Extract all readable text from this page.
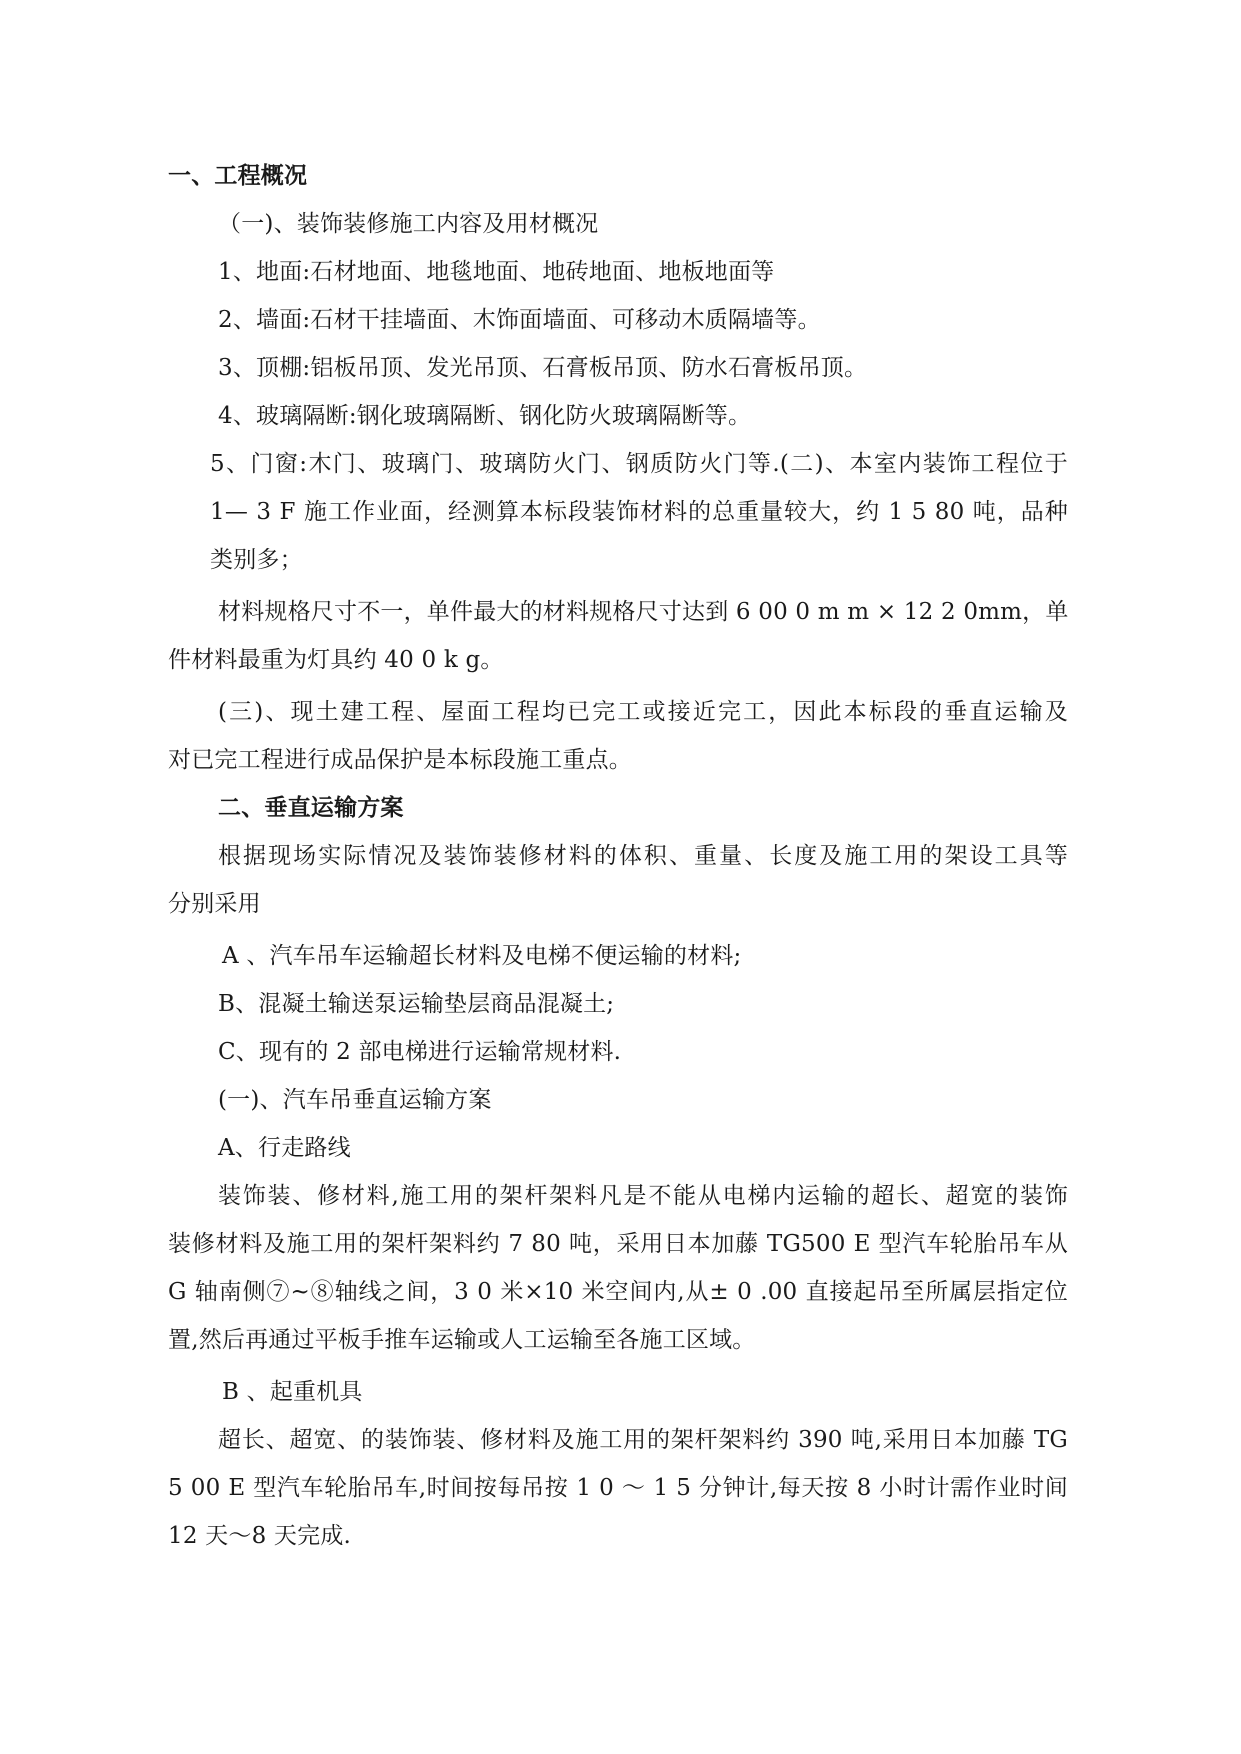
一、工程概况
（一)、装饰装修施工内容及用材概况
1、地面:石材地面、地毯地面、地砖地面、地板地面等
2、墙面:石材干挂墙面、木饰面墙面、可移动木质隔墙等。
3、顶棚:铝板吊顶、发光吊顶、石膏板吊顶、防水石膏板吊顶。
4、玻璃隔断:钢化玻璃隔断、钢化防火玻璃隔断等。
5、门窗:木门、玻璃门、玻璃防火门、钢质防火门等.(二)、本室内装饰工程位于
1— 3 F 施工作业面，经测算本标段装饰材料的总重量较大，约 1 5 80 吨，品种
类别多；
材料规格尺寸不一，单件最大的材料规格尺寸达到 6 00 0 m m × 12 2 0mm，单
件材料最重为灯具约 40 0 k g。
(三)、现土建工程、屋面工程均已完工或接近完工，因此本标段的垂直运输及
对已完工程进行成品保护是本标段施工重点。
二、垂直运输方案
根据现场实际情况及装饰装修材料的体积、重量、长度及施工用的架设工具等
分别采用
A 、汽车吊车运输超长材料及电梯不便运输的材料;
B、混凝土输送泵运输垫层商品混凝土;
C、现有的 2 部电梯进行运输常规材料.
(一)、汽车吊垂直运输方案
A、行走路线
装饰装、修材料,施工用的架杆架料凡是不能从电梯内运输的超长、超宽的装饰
装修材料及施工用的架杆架料约 7 80 吨，采用日本加藤 TG500 E 型汽车轮胎吊车从
G 轴南侧⑦~⑧轴线之间，3 0 米×10 米空间内,从± 0 .00 直接起吊至所属层指定位
置,然后再通过平板手推车运输或人工运输至各施工区域。
B 、起重机具
超长、超宽、的装饰装、修材料及施工用的架杆架料约 390 吨,采用日本加藤 TG
5 00 E 型汽车轮胎吊车,时间按每吊按 1 0 ～ 1 5 分钟计,每天按 8 小时计需作业时间
12 天～8 天完成.
